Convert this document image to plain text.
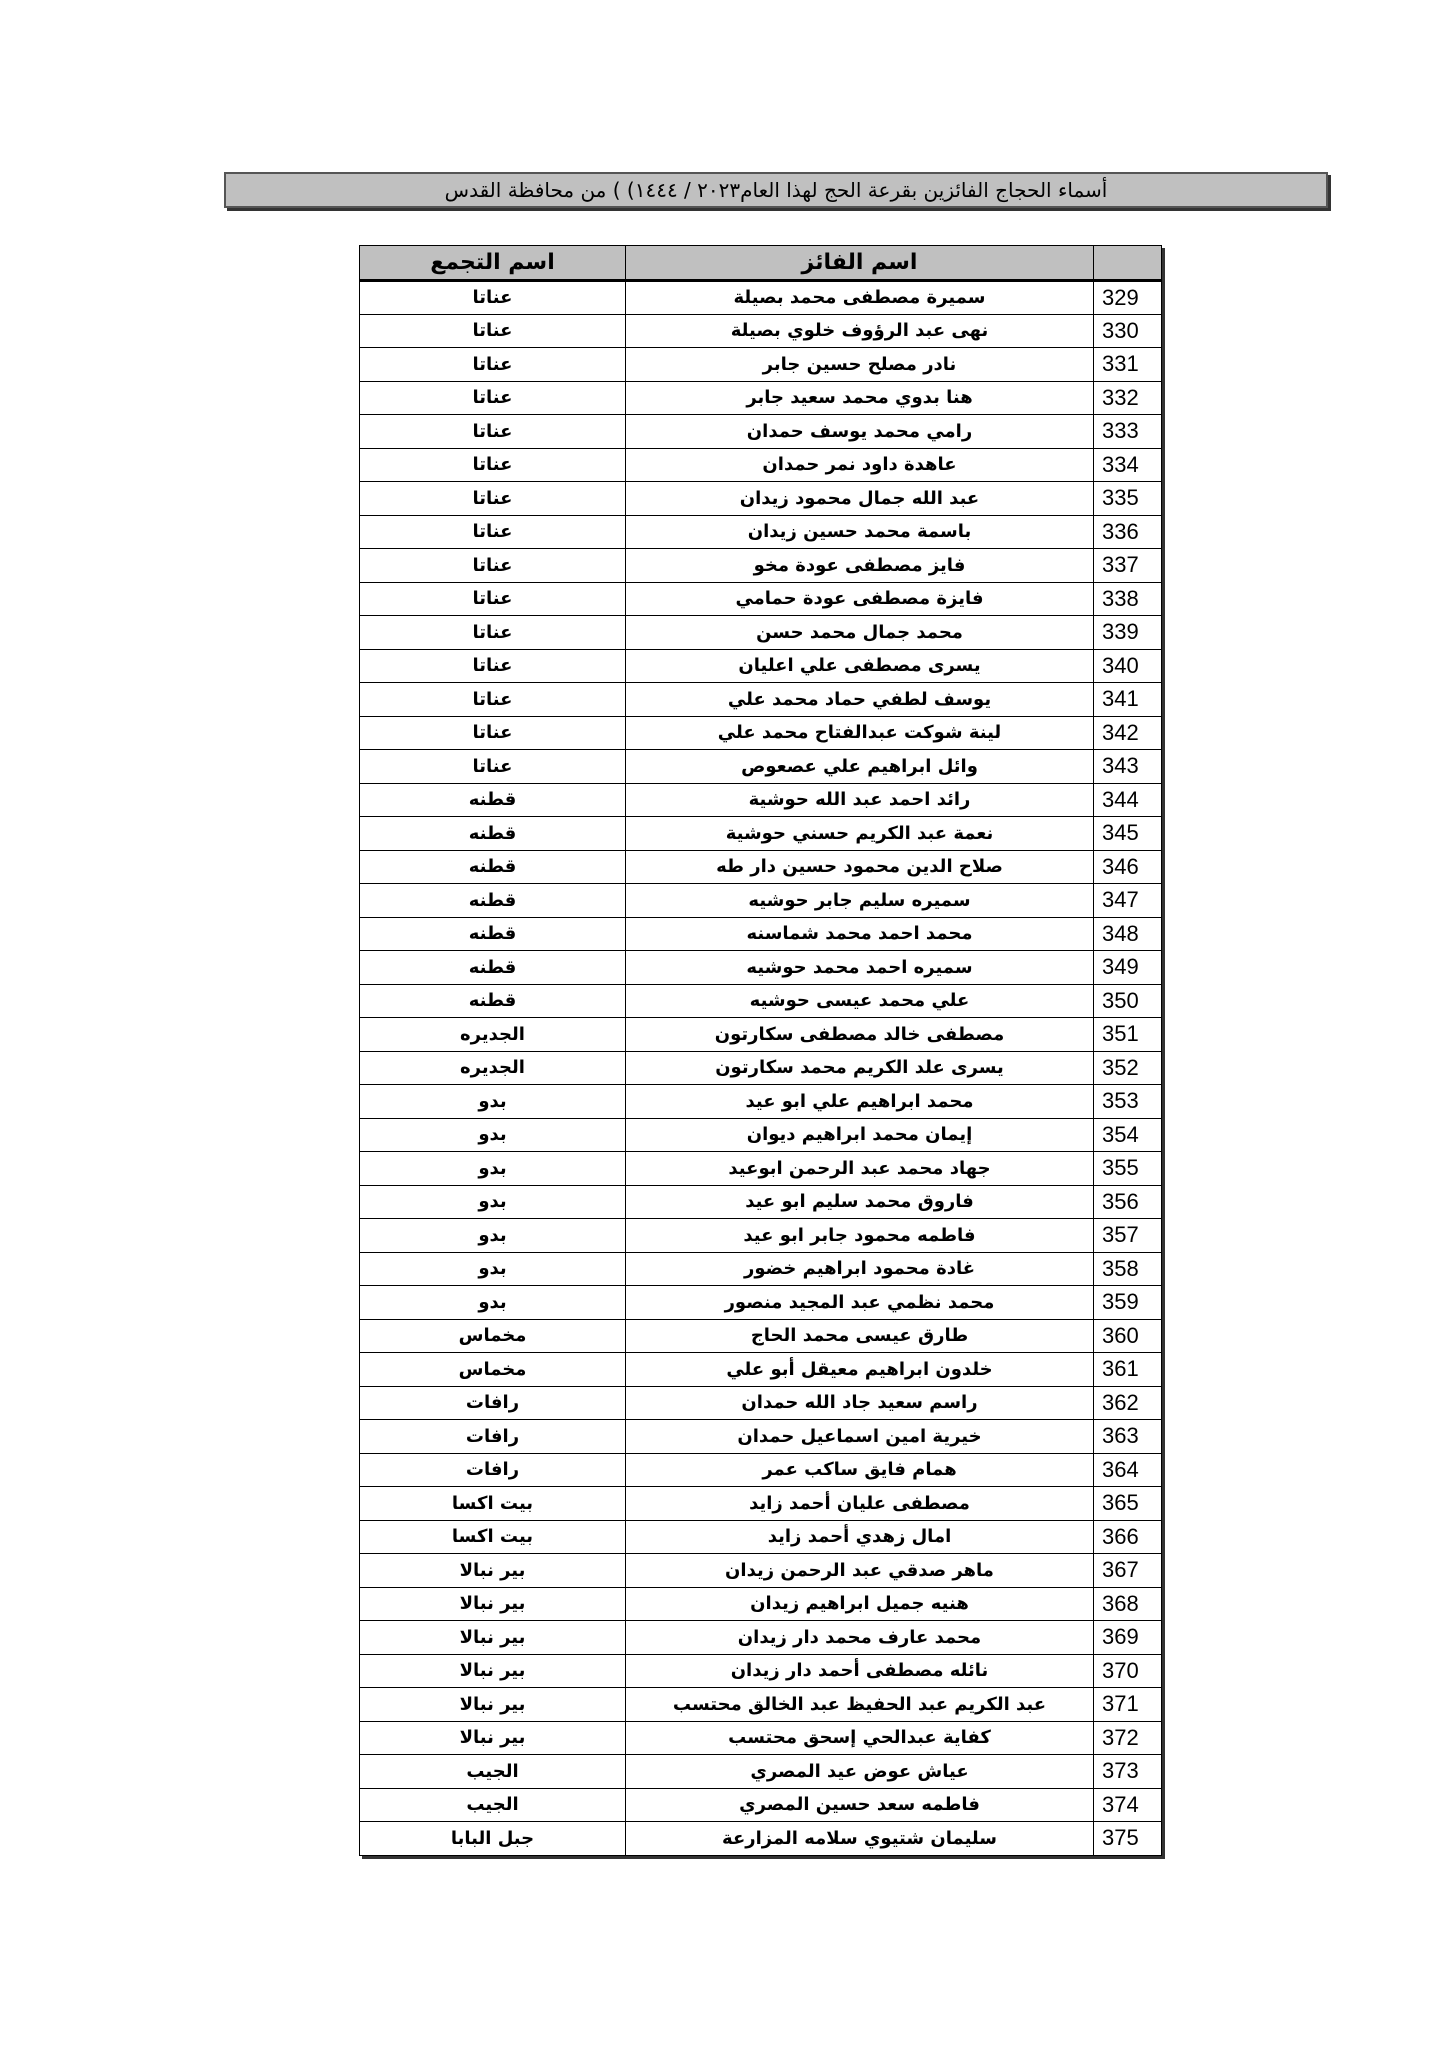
أسماء الحجاج الفائزين بقرعة الحج لهذا العام٢٠٢٣ / ١٤٤٤) ) من محافظة القدس
	اسم الفائز	اسم التجمع
329	سميرة مصطفى محمد بصيلة	عناتا
330	نهى عبد الرؤوف خلوي بصيلة	عناتا
331	نادر مصلح حسين جابر	عناتا
332	هنا بدوي محمد سعيد جابر	عناتا
333	رامي محمد يوسف حمدان	عناتا
334	عاهدة داود نمر حمدان	عناتا
335	عبد الله جمال محمود زيدان	عناتا
336	باسمة محمد حسين زيدان	عناتا
337	فايز مصطفى عودة مخو	عناتا
338	فايزة مصطفى عودة حمامي	عناتا
339	محمد جمال محمد حسن	عناتا
340	يسرى مصطفى علي اعليان	عناتا
341	يوسف لطفي حماد محمد علي	عناتا
342	لينة شوكت عبدالفتاح محمد علي	عناتا
343	وائل ابراهيم علي عصعوص	عناتا
344	رائد احمد عبد الله حوشية	قطنه
345	نعمة عبد الكريم حسني حوشية	قطنه
346	صلاح الدين محمود حسين دار طه	قطنه
347	سميره سليم جابر حوشيه	قطنه
348	محمد احمد محمد شماسنه	قطنه
349	سميره احمد محمد حوشيه	قطنه
350	علي محمد عيسى حوشيه	قطنه
351	مصطفى خالد مصطفى سكارتون	الجديره
352	يسرى علد الكريم محمد سكارتون	الجديره
353	محمد ابراهيم علي ابو عيد	بدو
354	إيمان محمد ابراهيم ديوان	بدو
355	جهاد محمد عبد الرحمن ابوعيد	بدو
356	فاروق محمد سليم ابو عيد	بدو
357	فاطمه محمود جابر ابو عيد	بدو
358	غادة محمود ابراهيم خضور	بدو
359	محمد نظمي عبد المجيد منصور	بدو
360	طارق عيسى محمد الحاج	مخماس
361	خلدون ابراهيم معيقل أبو علي	مخماس
362	راسم سعيد جاد الله حمدان	رافات
363	خيرية امين اسماعيل حمدان	رافات
364	همام فايق ساكب عمر	رافات
365	مصطفى عليان أحمد زايد	بيت اكسا
366	امال زهدي أحمد زايد	بيت اكسا
367	ماهر صدقي عبد الرحمن زيدان	بير نبالا
368	هنيه جميل ابراهيم زيدان	بير نبالا
369	محمد عارف محمد دار زيدان	بير نبالا
370	نائله مصطفى أحمد دار زيدان	بير نبالا
371	عبد الكريم عبد الحفيظ عبد الخالق محتسب	بير نبالا
372	كفاية عبدالحي إسحق محتسب	بير نبالا
373	عياش عوض عيد المصري	الجيب
374	فاطمه سعد حسين المصري	الجيب
375	سليمان شتيوي سلامه المزارعة	جبل البابا
